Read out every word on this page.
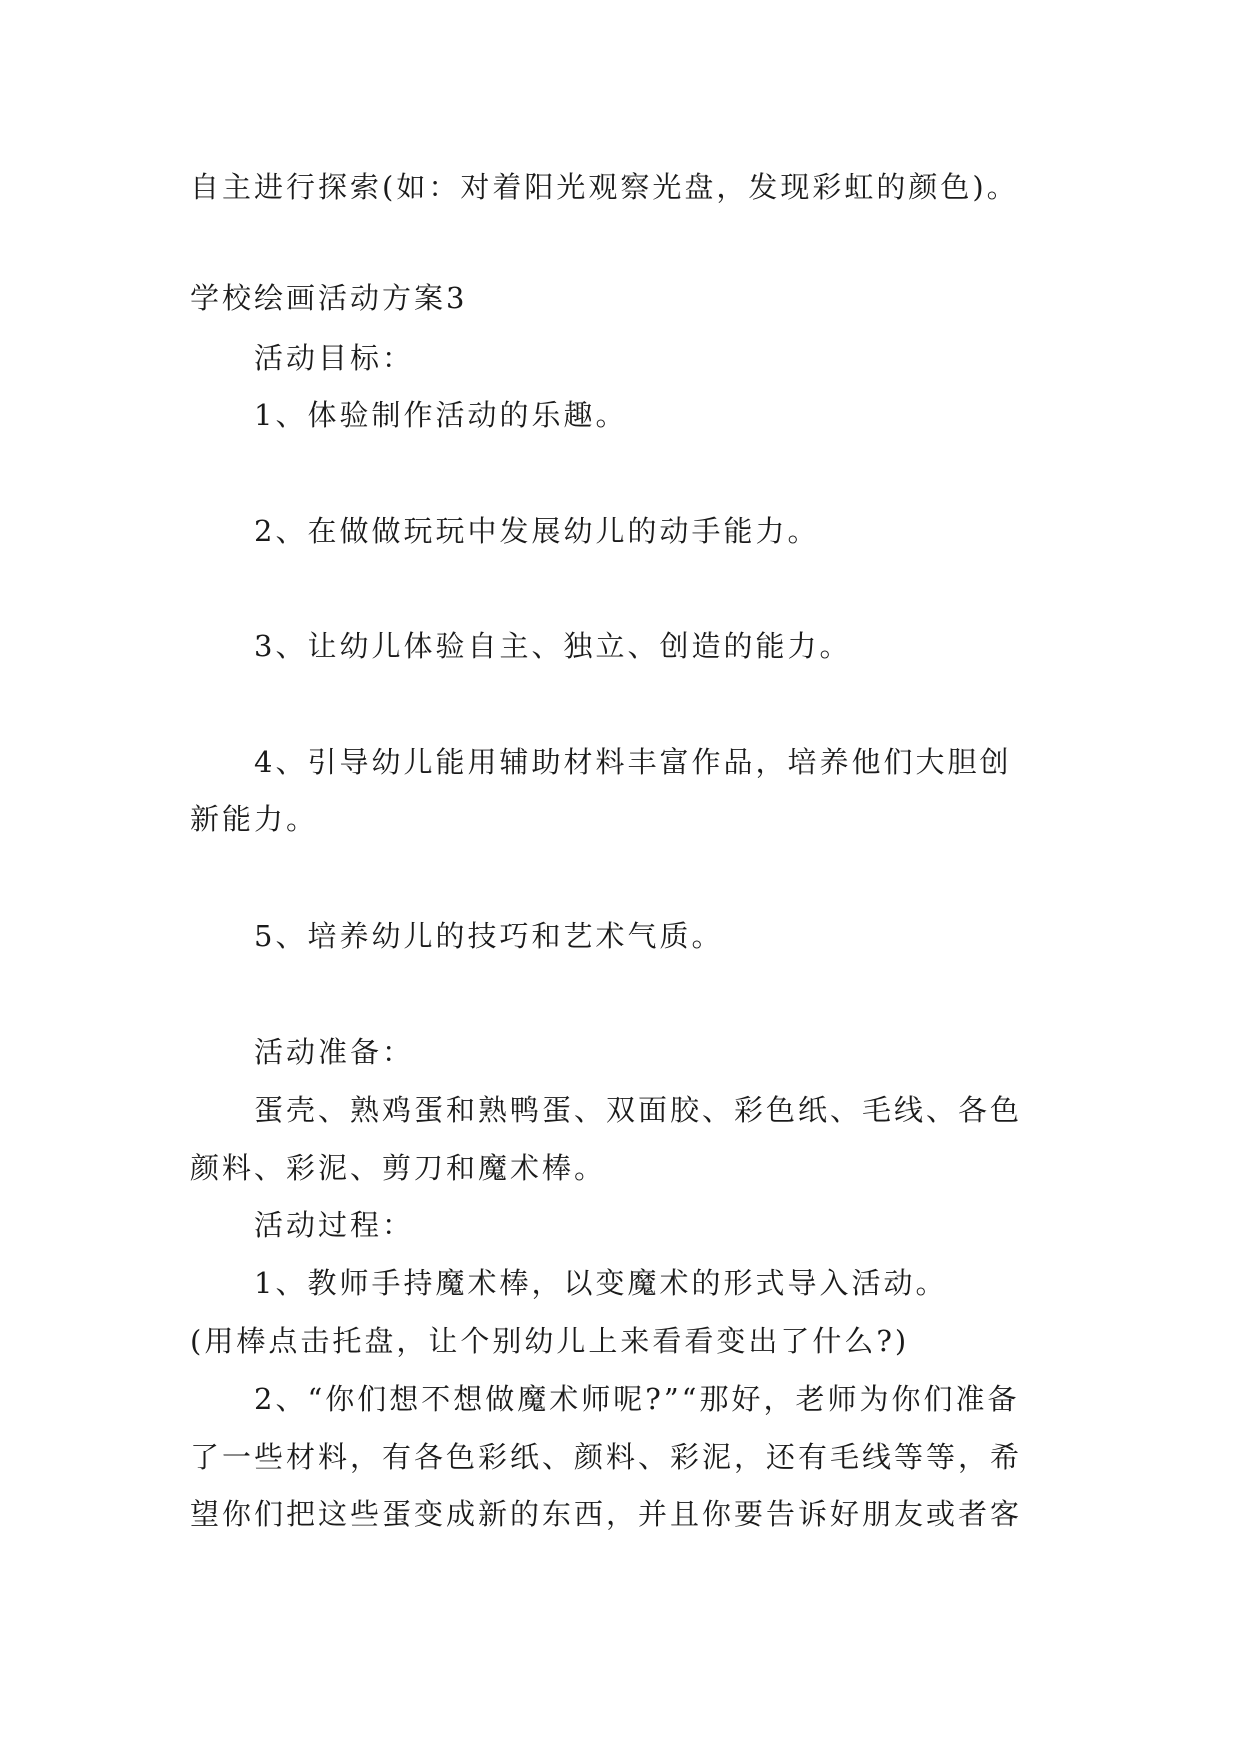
自主进行探索(如：对着阳光观察光盘，发现彩虹的颜色)。
学校绘画活动方案3
活动目标：
1、体验制作活动的乐趣。
2、在做做玩玩中发展幼儿的动手能力。
3、让幼儿体验自主、独立、创造的能力。
4、引导幼儿能用辅助材料丰富作品，培养他们大胆创
新能力。
5、培养幼儿的技巧和艺术气质。
活动准备：
蛋壳、熟鸡蛋和熟鸭蛋、双面胶、彩色纸、毛线、各色
颜料、彩泥、剪刀和魔术棒。
活动过程：
1、教师手持魔术棒，以变魔术的形式导入活动。
(用棒点击托盘，让个别幼儿上来看看变出了什么?)
2、“你们想不想做魔术师呢?”“那好，老师为你们准备
了一些材料，有各色彩纸、颜料、彩泥，还有毛线等等，希
望你们把这些蛋变成新的东西，并且你要告诉好朋友或者客
